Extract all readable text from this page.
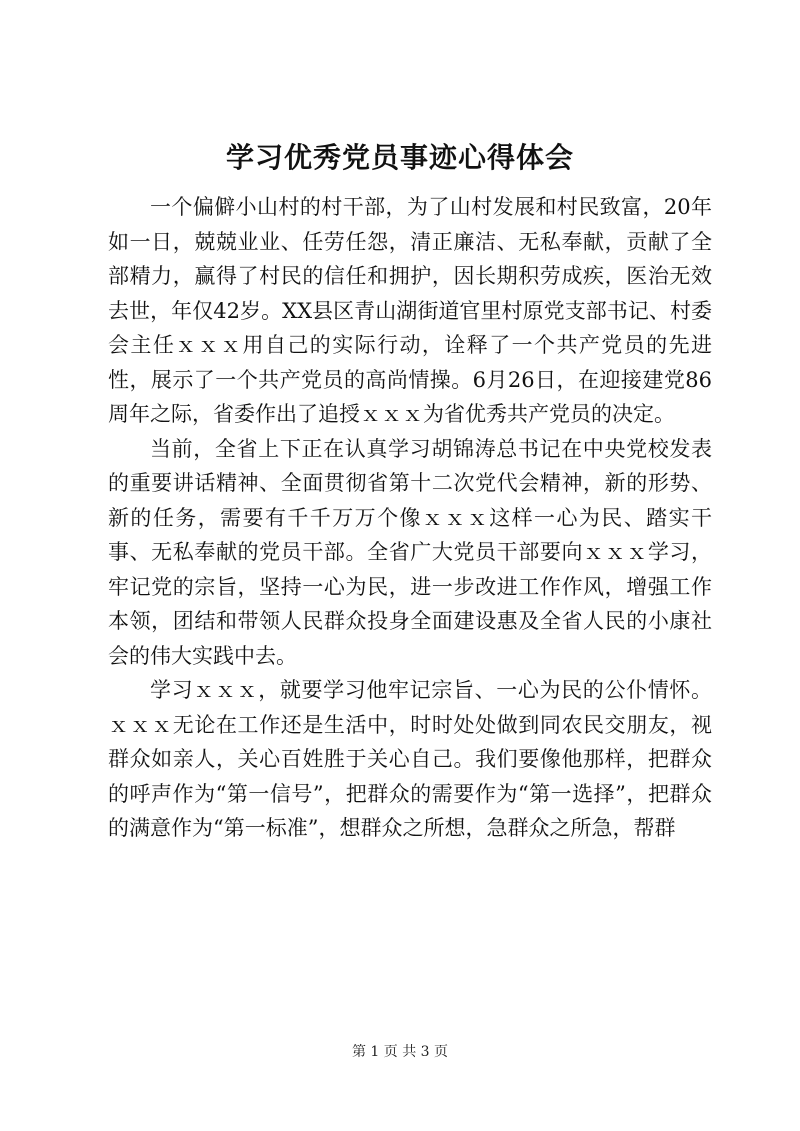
学习优秀党员事迹心得体会

一个偏僻小山村的村干部，为了山村发展和村民致富，20年如一日，兢兢业业、任劳任怨，清正廉洁、无私奉献，贡献了全部精力，赢得了村民的信任和拥护，因长期积劳成疾，医治无效去世，年仅42岁。XX县区青山湖街道官里村原党支部书记、村委会主任ｘｘｘ用自己的实际行动，诠释了一个共产党员的先进性，展示了一个共产党员的高尚情操。6月26日，在迎接建党86周年之际，省委作出了追授ｘｘｘ为省优秀共产党员的决定。

当前，全省上下正在认真学习胡锦涛总书记在中央党校发表的重要讲话精神、全面贯彻省第十二次党代会精神，新的形势、新的任务，需要有千千万万个像ｘｘｘ这样一心为民、踏实干事、无私奉献的党员干部。全省广大党员干部要向ｘｘｘ学习，牢记党的宗旨，坚持一心为民，进一步改进工作作风，增强工作本领，团结和带领人民群众投身全面建设惠及全省人民的小康社会的伟大实践中去。

学习ｘｘｘ，就要学习他牢记宗旨、一心为民的公仆情怀。ｘｘｘ无论在工作还是生活中，时时处处做到同农民交朋友，视群众如亲人，关心百姓胜于关心自己。我们要像他那样，把群众的呼声作为“第一信号”，把群众的需要作为“第一选择”，把群众的满意作为“第一标准”，想群众之所想，急群众之所急，帮群

第 1 页 共 3 页
